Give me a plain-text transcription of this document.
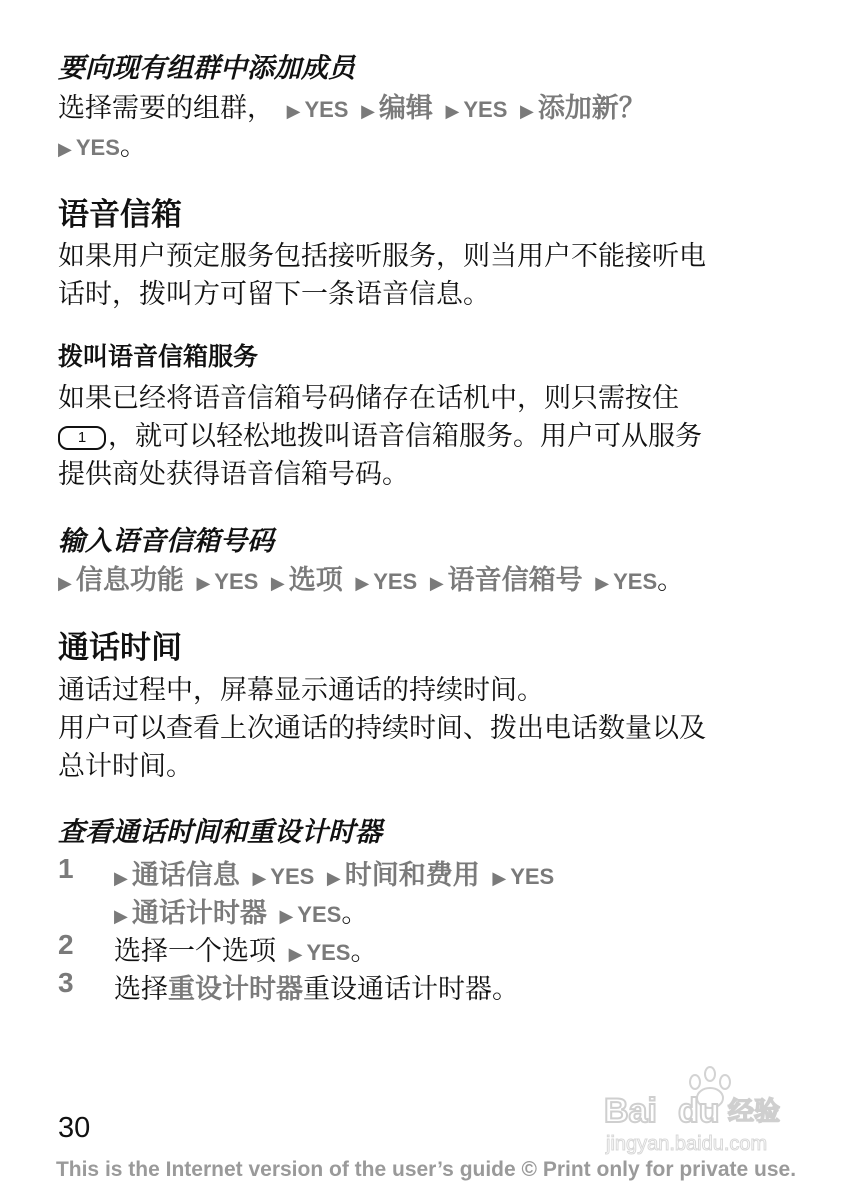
要向现有组群中添加成员
选择需要的组群， ▶ YES ▶ 编辑 ▶ YES ▶ 添加新？
▶ YES。
语音信箱
如果用户预定服务包括接听服务，则当用户不能接听电
话时，拨叫方可留下一条语音信息。
拨叫语音信箱服务
如果已经将语音信箱号码储存在话机中，则只需按住
1 ，就可以轻松地拨叫语音信箱服务。用户可从服务
提供商处获得语音信箱号码。
输入语音信箱号码
▶ 信息功能 ▶ YES ▶ 选项 ▶ YES ▶ 语音信箱号 ▶ YES。
通话时间
通话过程中，屏幕显示通话的持续时间。
用户可以查看上次通话的持续时间、拨出电话数量以及
总计时间。
查看通话时间和重设计时器
1 ▶ 通话信息 ▶ YES ▶ 时间和费用 ▶ YES
▶ 通话计时器 ▶ YES。
2 选择一个选项 ▶ YES。
3 选择重设计时器重设通话计时器。
Bai du 经验
jingyan.baidu.com
30
This is the Internet version of the user’s guide © Print only for private use.
